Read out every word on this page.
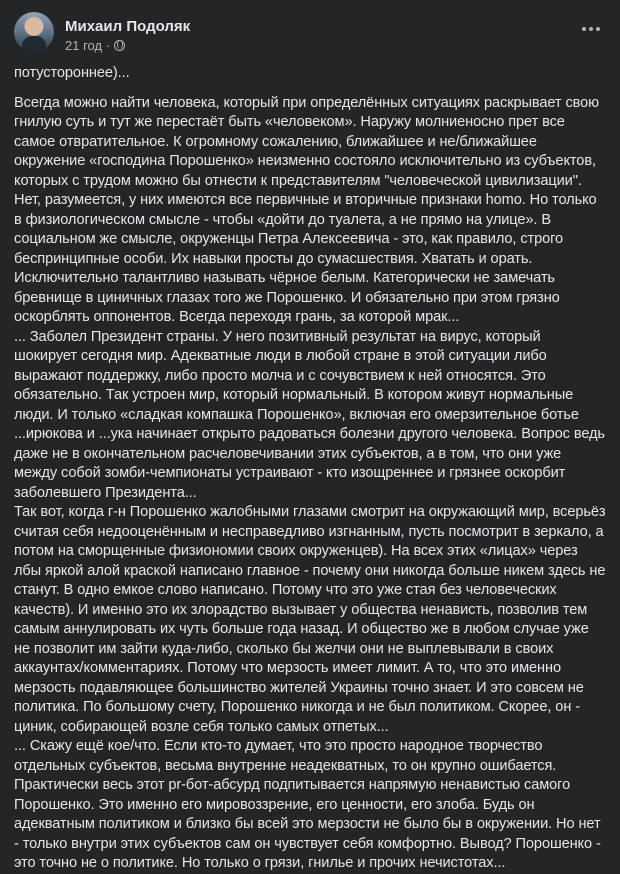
Михаил Подоляк
21 год ·

потустороннее)...

Всегда можно найти человека, который при определённых ситуациях раскрывает свою гнилую суть и тут же перестаёт быть «человеком». Наружу молниеносно прет все самое отвратительное. К огромному сожалению, ближайшее и не/ближайшее окружение «господина Порошенко» неизменно состояло исключительно из субъектов, которых с трудом можно бы отнести к представителям "человеческой цивилизации". Нет, разумеется, у них имеются все первичные и вторичные признаки homo. Но только в физиологическом смысле - чтобы «дойти до туалета, а не прямо на улице». В социальном же смысле, окруженцы Петра Алексеевича - это, как правило, строго беспринципные особи. Их навыки просты до сумасшествия. Хватать и орать. Исключительно талантливо называть чёрное белым. Категорически не замечать бревнище в циничных глазах того же Порошенко. И обязательно при этом грязно оскорблять оппонентов. Всегда переходя грань, за которой мрак...

... Заболел Президент страны. У него позитивный результат на вирус, который шокирует сегодня мир. Адекватные люди в любой стране в этой ситуации либо выражают поддержку, либо просто молча и с сочувствием к ней относятся. Это обязательно. Так устроен мир, который нормальный. В котором живут нормальные люди. И только «сладкая компашка Порошенко», включая его омерзительное ботье ...ирюкова и ...ука начинает открыто радоваться болезни другого человека. Вопрос ведь даже не в окончательном расчеловечивании этих субъектов, а в том, что они уже между собой зомби-чемпионаты устраивают - кто изощреннее и грязнее оскорбит заболевшего Президента...

Так вот, когда г-н Порошенко жалобными глазами смотрит на окружающий мир, всерьёз считая себя недооценённым и несправедливо изгнанным, пусть посмотрит в зеркало, а потом на сморщенные физиономии своих окруженцев). На всех этих «лицах» через лбы яркой алой краской написано главное - почему они никогда больше никем здесь не станут. В одно емкое слово написано. Потому что это уже стая без человеческих качеств). И именно это их злорадство вызывает у общества ненависть, позволив тем самым аннулировать их чуть больше года назад. И общество же в любом случае уже не позволит им зайти куда-либо, сколько бы желчи они не выплевывали в своих аккаунтах/комментариях. Потому что мерзость имеет лимит. А то, что это именно мерзость подавляющее большинство жителей Украины точно знает. И это совсем не политика. По большому счету, Порошенко никогда и не был политиком. Скорее, он - циник, собирающей возле себя только самых отпетых...

... Скажу ещё кое/что. Если кто-то думает, что это просто народное творчество отдельных субъектов, весьма внутренне неадекватных, то он крупно ошибается. Практически весь этот pr-бот-абсурд подпитывается напрямую ненавистью самого Порошенко. Это именно его мировоззрение, его ценности, его злоба. Будь он адекватным политиком и близко бы всей это мерзости не было бы в окружении. Но нет - только внутри этих субъектов сам он чувствует себя комфортно. Вывод? Порошенко - это точно не о политике. Но только о грязи, гнилье и прочих нечистотах...
